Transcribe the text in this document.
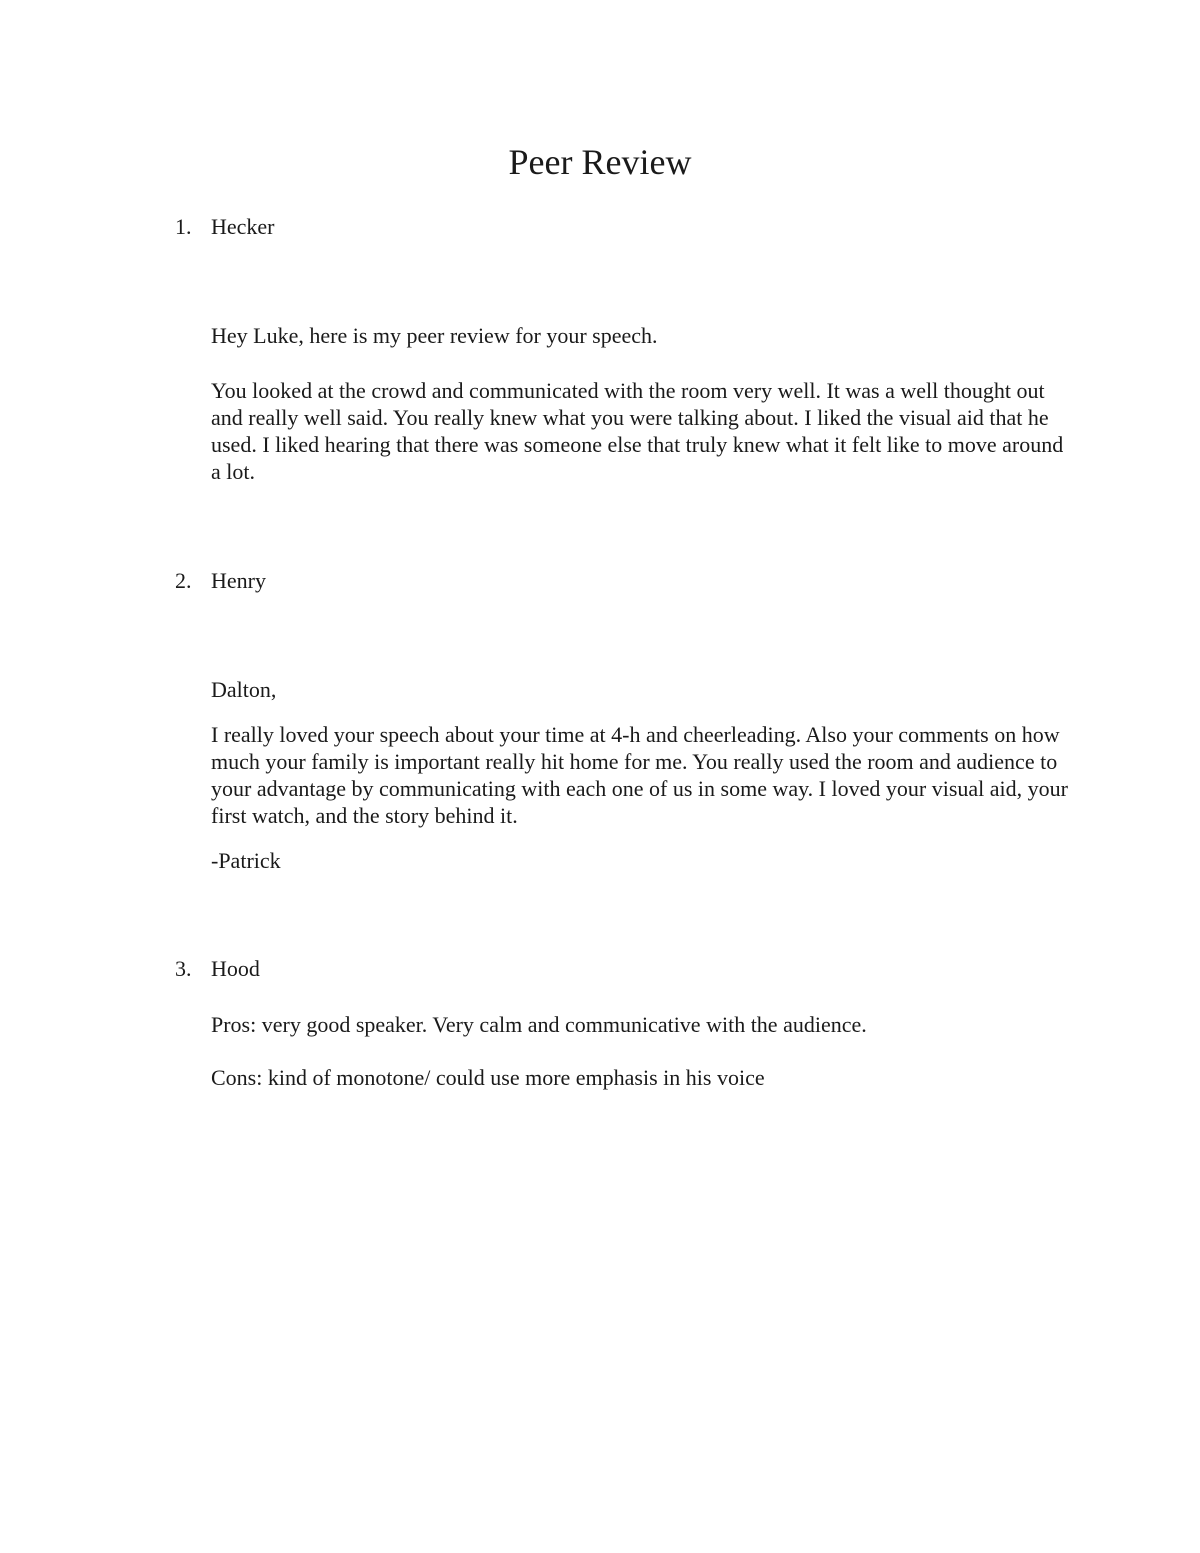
Peer Review
1. Hecker

Hey Luke, here is my peer review for your speech.

You looked at the crowd and communicated with the room very well. It was a well thought out and really well said. You really knew what you were talking about. I liked the visual aid that he used. I liked hearing that there was someone else that truly knew what it felt like to move around a lot.

2. Henry

Dalton,

I really loved your speech about your time at 4-h and cheerleading. Also your comments on how much your family is important really hit home for me. You really used the room and audience to your advantage by communicating with each one of us in some way. I loved your visual aid, your first watch, and the story behind it.

-Patrick

3. Hood

Pros: very good speaker. Very calm and communicative with the audience.

Cons: kind of monotone/ could use more emphasis in his voice
